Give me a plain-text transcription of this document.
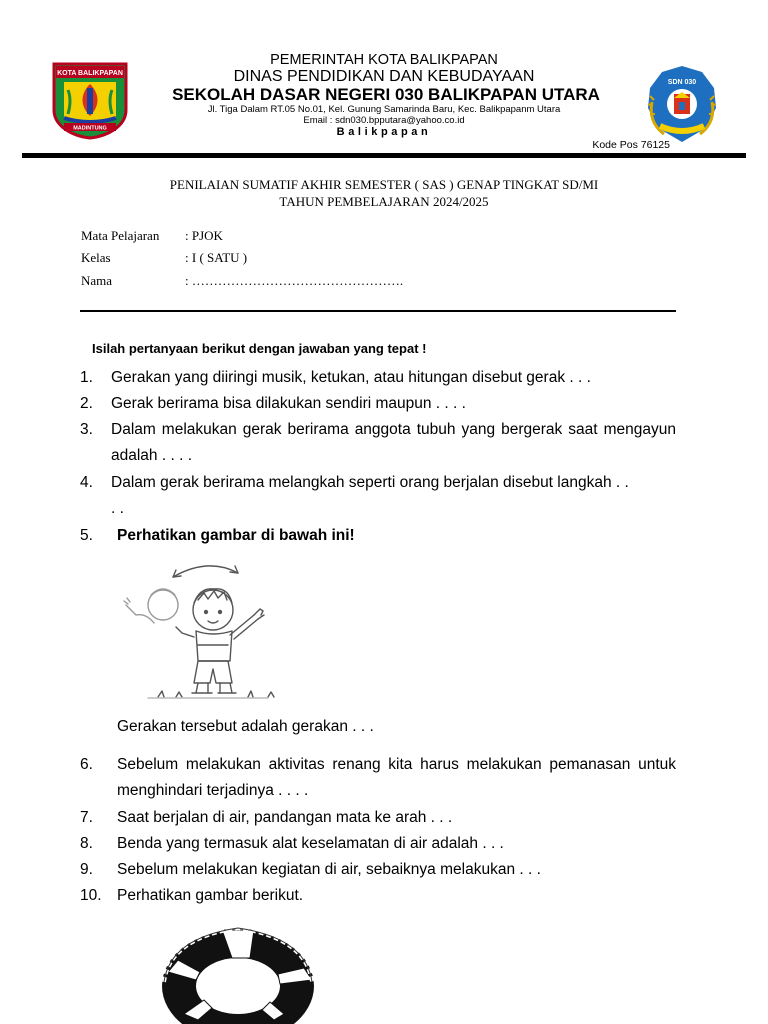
KOTA BALIKPAPAN
MADINTUNG
SDN 030
PEMERINTAH KOTA BALIKPAPAN
DINAS PENDIDIKAN DAN KEBUDAYAAN
SEKOLAH DASAR NEGERI 030 BALIKPAPAN UTARA
Jl. Tiga Dalam RT.05 No.01, Kel. Gunung Samarinda Baru, Kec. Balikpapanm Utara
Email : sdn030.bpputara@yahoo.co.id
Balikpapan
Kode Pos 76125
PENILAIAN SUMATIF AKHIR SEMESTER ( SAS ) GENAP TINGKAT SD/MI
TAHUN PEMBELAJARAN 2024/2025
Mata Pelajaran : PJOK
Kelas	: I ( SATU )
Nama	: ………………………………………….
Isilah pertanyaan berikut dengan jawaban yang tepat !
1. Gerakan yang diiringi musik, ketukan, atau hitungan disebut gerak . . .
2. Gerak berirama bisa dilakukan sendiri maupun . . . .
3. Dalam melakukan gerak berirama anggota tubuh yang bergerak saat mengayun adalah . . . .
4. Dalam gerak berirama melangkah seperti orang berjalan disebut langkah . . . .
5. Perhatikan gambar di bawah ini!
Gerakan tersebut adalah gerakan . . .
6. Sebelum melakukan aktivitas renang kita harus melakukan pemanasan untuk menghindari terjadinya . . . .
7. Saat berjalan di air, pandangan mata ke arah . . .
8. Benda yang termasuk alat keselamatan di air adalah . . .
9. Sebelum melakukan kegiatan di air, sebaiknya melakukan . . .
10. Perhatikan gambar berikut.
